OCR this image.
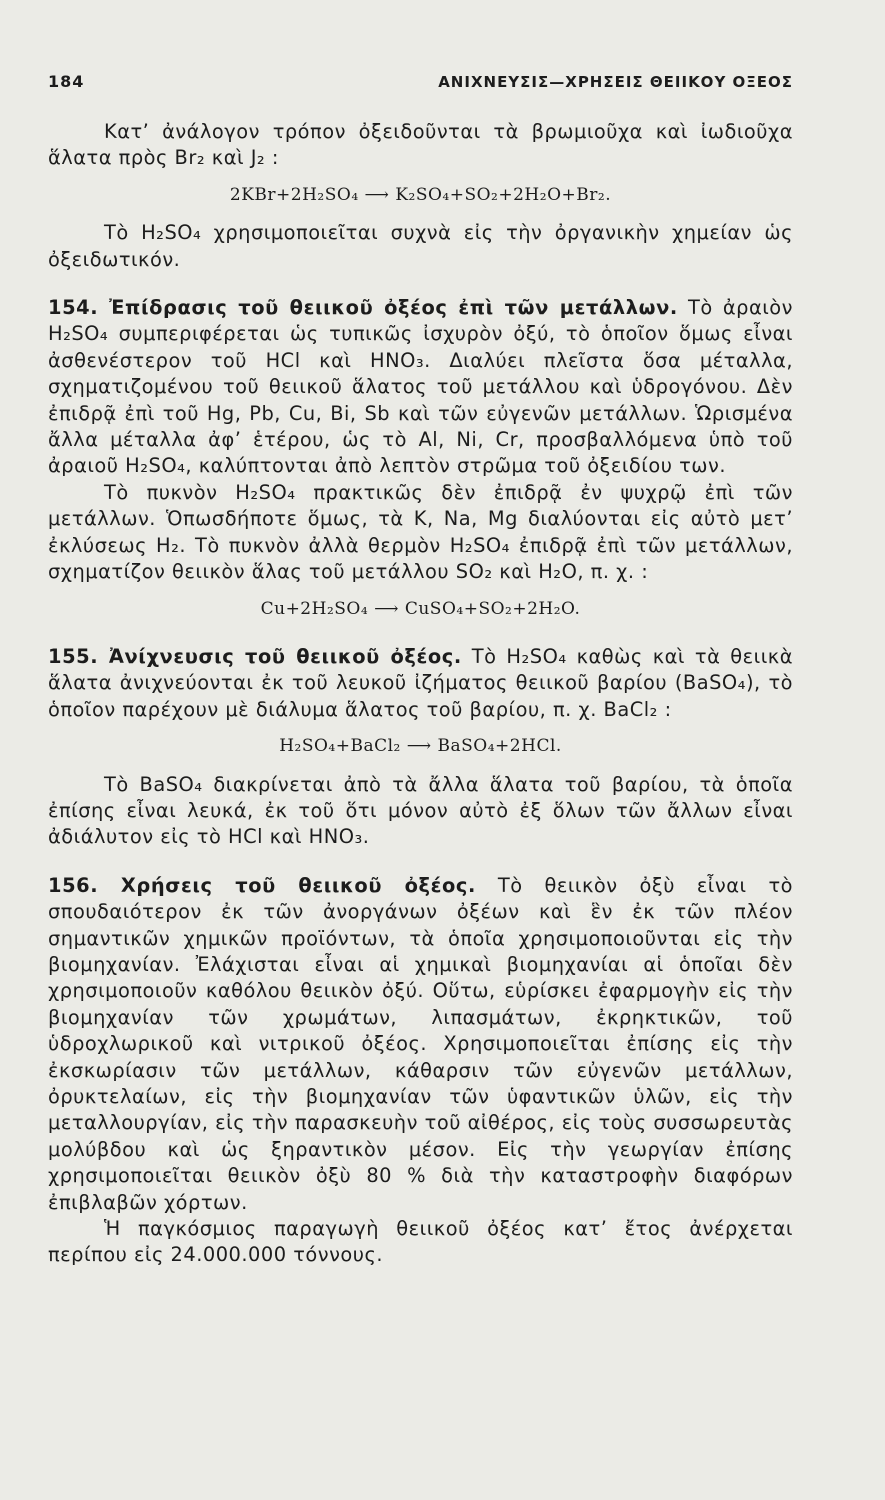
184	ΑΝΙΧΝΕΥΣΙΣ—ΧΡΗΣΕΙΣ ΘΕΙΙΚΟΥ ΟΞΕΟΣ

Κατ’ ἀνάλογον τρόπον ὀξειδοῦνται τὰ βρωμιοῦχα καὶ ἰωδιοῦχα ἅλατα πρὸς Br₂ καὶ J₂ :

2KBr+2H₂SO₄ ⟶ K₂SO₄+SO₂+2H₂O+Br₂.

Τὸ H₂SO₄ χρησιμοποιεῖται συχνὰ εἰς τὴν ὀργανικὴν χημείαν ὡς ὀξειδωτικόν.

154. Ἐπίδρασις τοῦ θειικοῦ ὀξέος ἐπὶ τῶν μετάλλων. Τὸ ἀραιὸν H₂SO₄ συμπεριφέρεται ὡς τυπικῶς ἰσχυρὸν ὀξύ, τὸ ὁποῖον ὅμως εἶναι ἀσθενέστερον τοῦ HCl καὶ HNO₃. Διαλύει πλεῖστα ὅσα μέταλλα, σχηματιζομένου τοῦ θειικοῦ ἅλατος τοῦ μετάλλου καὶ ὑδρογόνου. Δὲν ἐπιδρᾷ ἐπὶ τοῦ Hg, Pb, Cu, Bi, Sb καὶ τῶν εὐγενῶν μετάλλων. Ὡρισμένα ἄλλα μέταλλα ἀφ’ ἑτέρου, ὡς τὸ Al, Ni, Cr, προσβαλλόμενα ὑπὸ τοῦ ἀραιοῦ H₂SO₄, καλύπτονται ἀπὸ λεπτὸν στρῶμα τοῦ ὀξειδίου των.

Τὸ πυκνὸν H₂SO₄ πρακτικῶς δὲν ἐπιδρᾷ ἐν ψυχρῷ ἐπὶ τῶν μετάλλων. Ὁπωσδήποτε ὅμως, τὰ K, Na, Mg διαλύονται εἰς αὐτὸ μετ’ ἐκλύσεως H₂. Τὸ πυκνὸν ἀλλὰ θερμὸν H₂SO₄ ἐπιδρᾷ ἐπὶ τῶν μετάλλων, σχηματίζον θειικὸν ἅλας τοῦ μετάλλου SO₂ καὶ H₂O, π. χ. :

Cu+2H₂SO₄ ⟶ CuSO₄+SO₂+2H₂O.

155. Ἀνίχνευσις τοῦ θειικοῦ ὀξέος. Τὸ H₂SO₄ καθὼς καὶ τὰ θειικὰ ἅλατα ἀνιχνεύονται ἐκ τοῦ λευκοῦ ἰζήματος θειικοῦ βαρίου (BaSO₄), τὸ ὁποῖον παρέχουν μὲ διάλυμα ἅλατος τοῦ βαρίου, π. χ. BaCl₂ :

H₂SO₄+BaCl₂ ⟶ BaSO₄+2HCl.

Τὸ BaSO₄ διακρίνεται ἀπὸ τὰ ἄλλα ἅλατα τοῦ βαρίου, τὰ ὁποῖα ἐπίσης εἶναι λευκά, ἐκ τοῦ ὅτι μόνον αὐτὸ ἐξ ὅλων τῶν ἄλλων εἶναι ἀδιάλυτον εἰς τὸ HCl καὶ HNO₃.

156. Χρήσεις τοῦ θειικοῦ ὀξέος. Τὸ θειικὸν ὀξὺ εἶναι τὸ σπουδαιότερον ἐκ τῶν ἀνοργάνων ὀξέων καὶ ἓν ἐκ τῶν πλέον σημαντικῶν χημικῶν προϊόντων, τὰ ὁποῖα χρησιμοποιοῦνται εἰς τὴν βιομηχανίαν. Ἐλάχισται εἶναι αἱ χημικαὶ βιομηχανίαι αἱ ὁποῖαι δὲν χρησιμοποιοῦν καθόλου θειικὸν ὀξύ. Οὕτω, εὑρίσκει ἐφαρμογὴν εἰς τὴν βιομηχανίαν τῶν χρωμάτων, λιπασμάτων, ἐκρηκτικῶν, τοῦ ὑδροχλωρικοῦ καὶ νιτρικοῦ ὀξέος. Χρησιμοποιεῖται ἐπίσης εἰς τὴν ἐκσκωρίασιν τῶν μετάλλων, κάθαρσιν τῶν εὐγενῶν μετάλλων, ὀρυκτελαίων, εἰς τὴν βιομηχανίαν τῶν ὑφαντικῶν ὑλῶν, εἰς τὴν μεταλλουργίαν, εἰς τὴν παρασκευὴν τοῦ αἰθέρος, εἰς τοὺς συσσωρευτὰς μολύβδου καὶ ὡς ξηραντικὸν μέσον. Εἰς τὴν γεωργίαν ἐπίσης χρησιμοποιεῖται θειικὸν ὀξὺ 80 % διὰ τὴν καταστροφὴν διαφόρων ἐπιβλαβῶν χόρτων.

Ἡ παγκόσμιος παραγωγὴ θειικοῦ ὀξέος κατ’ ἔτος ἀνέρχεται περίπου εἰς 24.000.000 τόννους.
